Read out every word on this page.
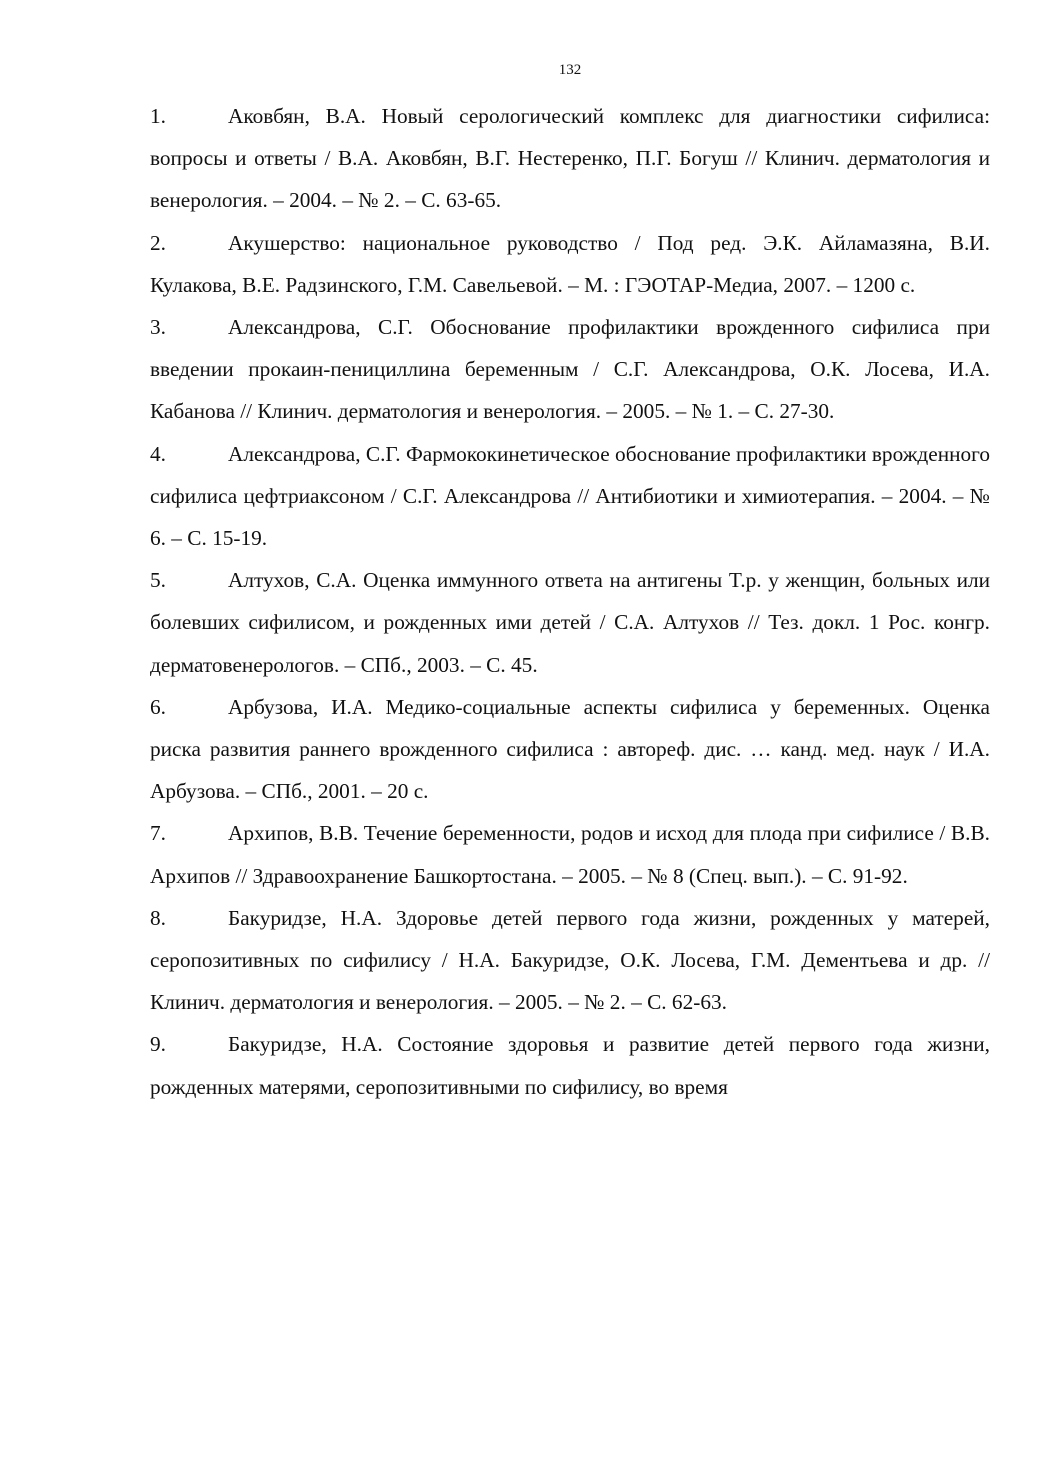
132

1.	Аковбян, В.А. Новый серологический комплекс для диагностики сифилиса: вопросы и ответы / В.А. Аковбян, В.Г. Нестеренко, П.Г. Богуш // Клинич. дерматология и венерология. – 2004. – № 2. – С. 63-65.

2.	Акушерство: национальное руководство / Под ред. Э.К. Айламазяна, В.И. Кулакова, В.Е. Радзинского, Г.М. Савельевой. – М. : ГЭОТАР-Медиа, 2007. – 1200 с.

3.	Александрова, С.Г. Обоснование профилактики врожденного сифилиса при введении прокаин-пенициллина беременным / С.Г. Александрова, О.К. Лосева, И.А. Кабанова // Клинич. дерматология и венерология. – 2005. – № 1. – С. 27-30.

4.	Александрова, С.Г. Фармококинетическое обоснование профилактики врожденного сифилиса цефтриаксоном / С.Г. Александрова // Антибиотики и химиотерапия. – 2004. – № 6. – С. 15-19.

5.	Алтухов, С.А. Оценка иммунного ответа на антигены T.p. у женщин, больных или болевших сифилисом, и рожденных ими детей / С.А. Алтухов // Тез. докл. 1 Рос. конгр. дерматовенерологов. – СПб., 2003. – С. 45.

6.	Арбузова, И.А. Медико-социальные аспекты сифилиса у беременных. Оценка риска развития раннего врожденного сифилиса : автореф. дис. … канд. мед. наук / И.А. Арбузова. – СПб., 2001. – 20 с.

7.	Архипов, В.В. Течение беременности, родов и исход для плода при сифилисе / В.В. Архипов // Здравоохранение Башкортостана. – 2005. – № 8 (Спец. вып.). – С. 91-92.

8.	Бакуридзе, Н.А. Здоровье детей первого года жизни, рожденных у матерей, серопозитивных по сифилису / Н.А. Бакуридзе, О.К. Лосева, Г.М. Дементьева и др. // Клинич. дерматология и венерология. – 2005. – № 2. – С. 62-63.

9.	Бакуридзе, Н.А. Состояние здоровья и развитие детей первого года жизни, рожденных матерями, серопозитивными по сифилису, во время
